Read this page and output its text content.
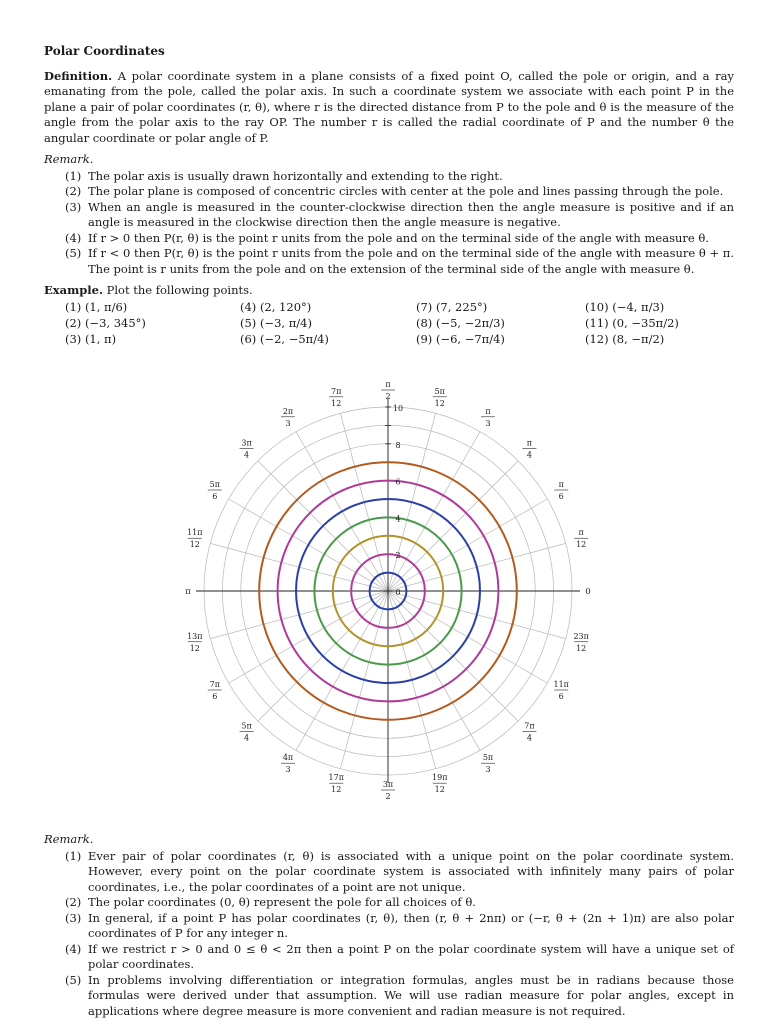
Polar Coordinates

Definition. A polar coordinate system in a plane consists of a fixed point O, called the pole or origin, and a ray emanating from the pole, called the polar axis. In such a coordinate system we associate with each point P in the plane a pair of polar coordinates (r, θ), where r is the directed distance from P to the pole and θ is the measure of the angle from the polar axis to the ray OP. The number r is called the radial coordinate of P and the number θ the angular coordinate or polar angle of P.

Remark.
(1) The polar axis is usually drawn horizontally and extending to the right.
(2) The polar plane is composed of concentric circles with center at the pole and lines passing through the pole.
(3) When an angle is measured in the counter-clockwise direction then the angle measure is positive and if an angle is measured in the clockwise direction then the angle measure is negative.
(4) If r > 0 then P(r, θ) is the point r units from the pole and on the terminal side of the angle with measure θ.
(5) If r < 0 then P(r, θ) is the point r units from the pole and on the terminal side of the angle with measure θ + π. The point is r units from the pole and on the extension of the terminal side of the angle with measure θ.

Example. Plot the following points.

(1) (1, π/6)
(2) (−3, 345°)
(3) (1, π)
(4) (2, 120°)
(5) (−3, π/4)
(6) (−2, −5π/4)
(7) (7, 225°)
(8) (−5, −2π/3)
(9) (−6, −7π/4)
(10) (−4, π/3)
(11) (0, −35π/2)
(12) (8, −π/2)
0
2
4
6
8
10
0
π
12
π
6
π
4
π
3
5π
12
π
2
7π
12
2π
3
3π
4
5π
6
11π
12
π
13π
12
7π
6
5π
4
4π
3
17π
12
3π
2
19π
12
5π
3
7π
4
11π
6
23π
12
Remark.
(1) Ever pair of polar coordinates (r, θ) is associated with a unique point on the polar coordinate system. However, every point on the polar coordinate system is associated with infinitely many pairs of polar coordinates, i.e., the polar coordinates of a point are not unique.
(2) The polar coordinates (0, θ) represent the pole for all choices of θ.
(3) In general, if a point P has polar coordinates (r, θ), then (r, θ + 2nπ) or (−r, θ + (2n + 1)π) are also polar coordinates of P for any integer n.
(4) If we restrict r > 0 and 0 ≤ θ < 2π then a point P on the polar coordinate system will have a unique set of polar coordinates.
(5) In problems involving differentiation or integration formulas, angles must be in radians because those formulas were derived under that assumption. We will use radian measure for polar angles, except in applications where degree measure is more convenient and radian measure is not required.
